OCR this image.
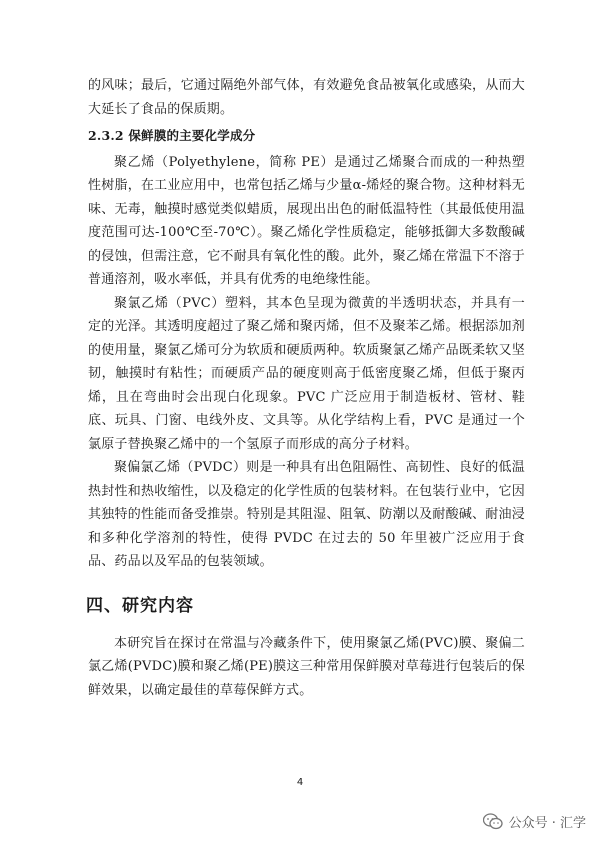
的风味；最后，它通过隔绝外部气体，有效避免食品被氧化或感染，从而大大延长了食品的保质期。

2.3.2 保鲜膜的主要化学成分

聚乙烯（Polyethylene，简称 PE）是通过乙烯聚合而成的一种热塑性树脂，在工业应用中，也常包括乙烯与少量α-烯烃的聚合物。这种材料无味、无毒，触摸时感觉类似蜡质，展现出出色的耐低温特性（其最低使用温度范围可达-100℃至-70℃）。聚乙烯化学性质稳定，能够抵御大多数酸碱的侵蚀，但需注意，它不耐具有氧化性的酸。此外，聚乙烯在常温下不溶于普通溶剂，吸水率低，并具有优秀的电绝缘性能。

聚氯乙烯（PVC）塑料，其本色呈现为微黄的半透明状态，并具有一定的光泽。其透明度超过了聚乙烯和聚丙烯，但不及聚苯乙烯。根据添加剂的使用量，聚氯乙烯可分为软质和硬质两种。软质聚氯乙烯产品既柔软又坚韧，触摸时有粘性；而硬质产品的硬度则高于低密度聚乙烯，但低于聚丙烯，且在弯曲时会出现白化现象。PVC 广泛应用于制造板材、管材、鞋底、玩具、门窗、电线外皮、文具等。从化学结构上看，PVC 是通过一个氯原子替换聚乙烯中的一个氢原子而形成的高分子材料。

聚偏氯乙烯（PVDC）则是一种具有出色阻隔性、高韧性、良好的低温热封性和热收缩性，以及稳定的化学性质的包装材料。在包装行业中，它因其独特的性能而备受推崇。特别是其阻湿、阻氧、防潮以及耐酸碱、耐油浸和多种化学溶剂的特性，使得 PVDC 在过去的 50 年里被广泛应用于食品、药品以及军品的包装领域。

四、研究内容

本研究旨在探讨在常温与冷藏条件下，使用聚氯乙烯(PVC)膜、聚偏二氯乙烯(PVDC)膜和聚乙烯(PE)膜这三种常用保鲜膜对草莓进行包装后的保鲜效果，以确定最佳的草莓保鲜方式。

4
公众号 · 汇学
